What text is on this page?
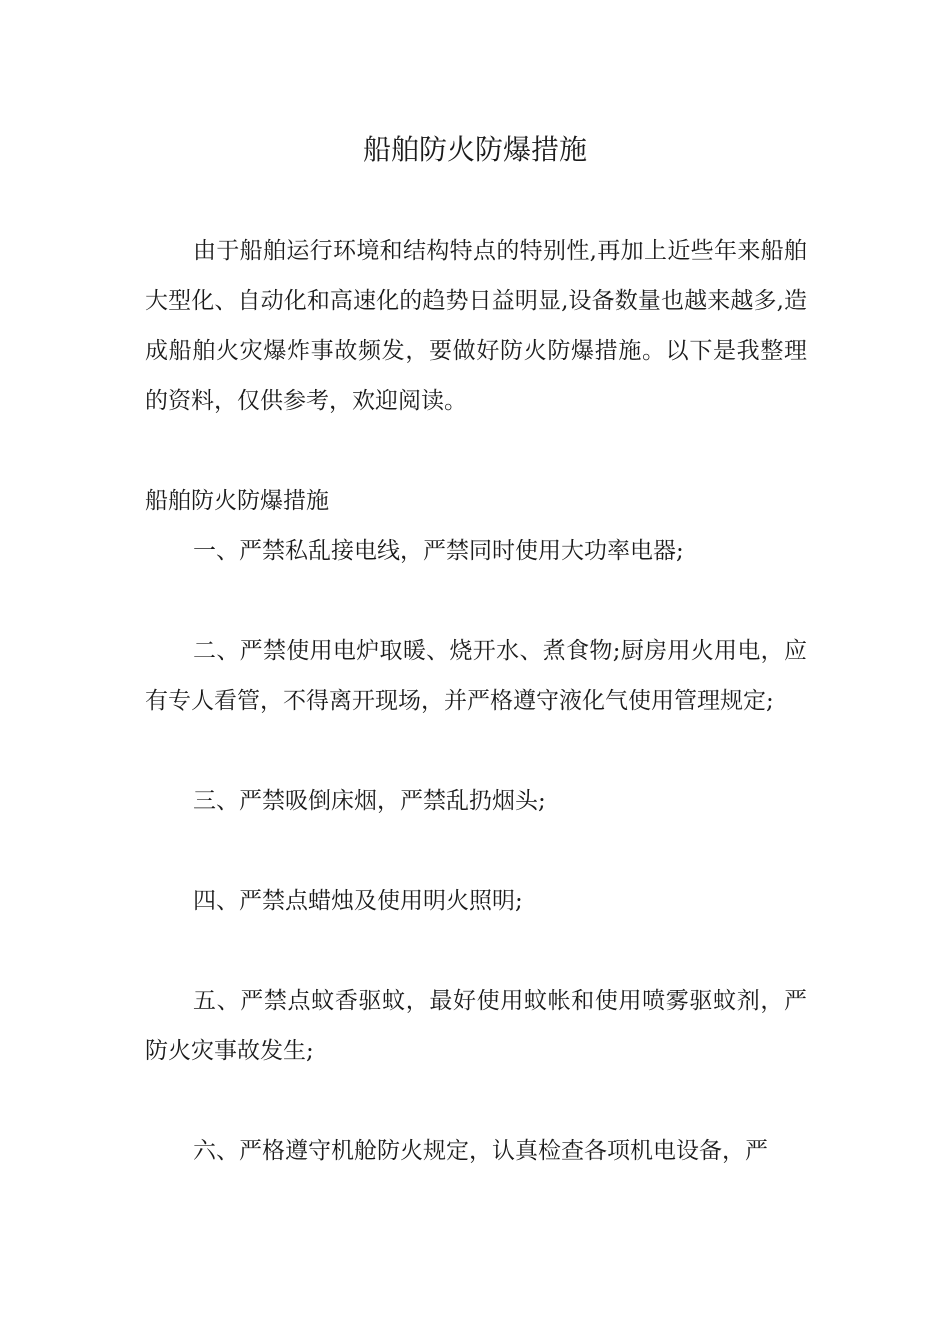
船舶防火防爆措施

由于船舶运行环境和结构特点的特别性,再加上近些年来船舶大型化、自动化和高速化的趋势日益明显,设备数量也越来越多,造成船舶火灾爆炸事故频发，要做好防火防爆措施。以下是我整理的资料，仅供参考，欢迎阅读。

船舶防火防爆措施

一、严禁私乱接电线，严禁同时使用大功率电器;

二、严禁使用电炉取暖、烧开水、煮食物;厨房用火用电，应有专人看管，不得离开现场，并严格遵守液化气使用管理规定;

三、严禁吸倒床烟，严禁乱扔烟头;

四、严禁点蜡烛及使用明火照明;

五、严禁点蚊香驱蚊，最好使用蚊帐和使用喷雾驱蚊剂，严防火灾事故发生;

六、严格遵守机舱防火规定，认真检查各项机电设备，严
